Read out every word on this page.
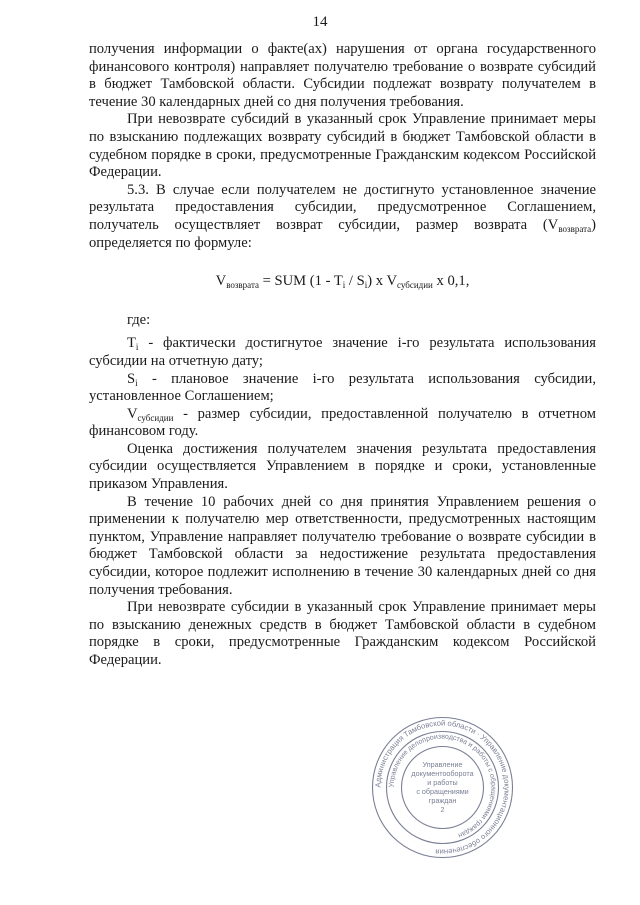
14

получения информации о факте(ах) нарушения от органа государственного финансового контроля) направляет получателю требование о возврате субсидий в бюджет Тамбовской области. Субсидии подлежат возврату получателем в течение 30 календарных дней со дня получения требования.

При невозврате субсидий в указанный срок Управление принимает меры по взысканию подлежащих возврату субсидий в бюджет Тамбовской области в судебном порядке в сроки, предусмотренные Гражданским кодексом Российской Федерации.

5.3. В случае если получателем не достигнуто установленное значение результата предоставления субсидии, предусмотренное Соглашением, получатель осуществляет возврат субсидии, размер возврата $(V_{возврата})$ определяется по формуле:

$V_{возврата}$ = SUM $(1 - T_i / S_i)$ x $V_{субсидии}$ x 0,1,

где:

$T_i$ - фактически достигнутое значение i-го результата использования субсидии на отчетную дату;

$S_i$ - плановое значение i-го результата использования субсидии, установленное Соглашением;

$V_{субсидии}$ - размер субсидии, предоставленной получателю в отчетном финансовом году.

Оценка достижения получателем значения результата предоставления субсидии осуществляется Управлением в порядке и сроки, установленные приказом Управления.

В течение 10 рабочих дней со дня принятия Управлением решения о применении к получателю мер ответственности, предусмотренных настоящим пунктом, Управление направляет получателю требование о возврате субсидии в бюджет Тамбовской области за недостижение результата предоставления субсидии, которое подлежит исполнению в течение 30 календарных дней со дня получения требования.

При невозврате субсидии в указанный срок Управление принимает меры по взысканию денежных средств в бюджет Тамбовской области в судебном порядке в сроки, предусмотренные Гражданским кодексом Российской Федерации.

Администрация Тамбовской области · Управление документационного обеспечения
Управление делопроизводства и работы с обращениями граждан
Управление
документооборота
и работы
с обращениями
граждан
2
